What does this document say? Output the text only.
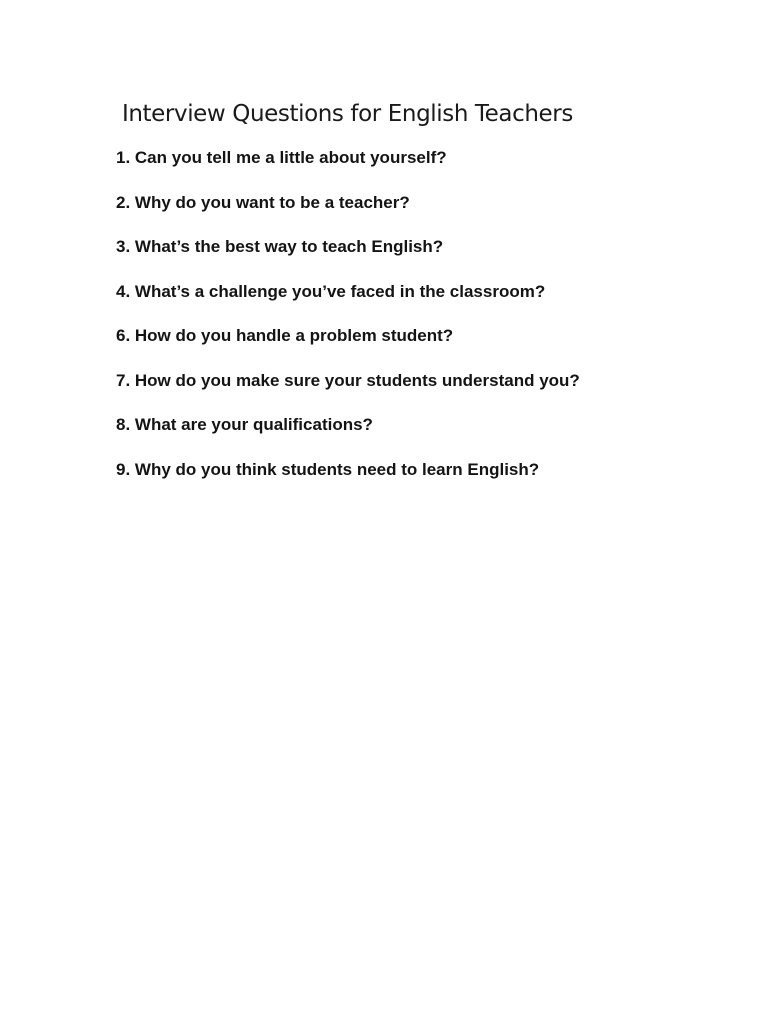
Interview Questions for English Teachers
1. Can you tell me a little about yourself?
2. Why do you want to be a teacher?
3. What’s the best way to teach English?
4. What’s a challenge you’ve faced in the classroom?
6. How do you handle a problem student?
7. How do you make sure your students understand you?
8. What are your qualifications?
9. Why do you think students need to learn English?
